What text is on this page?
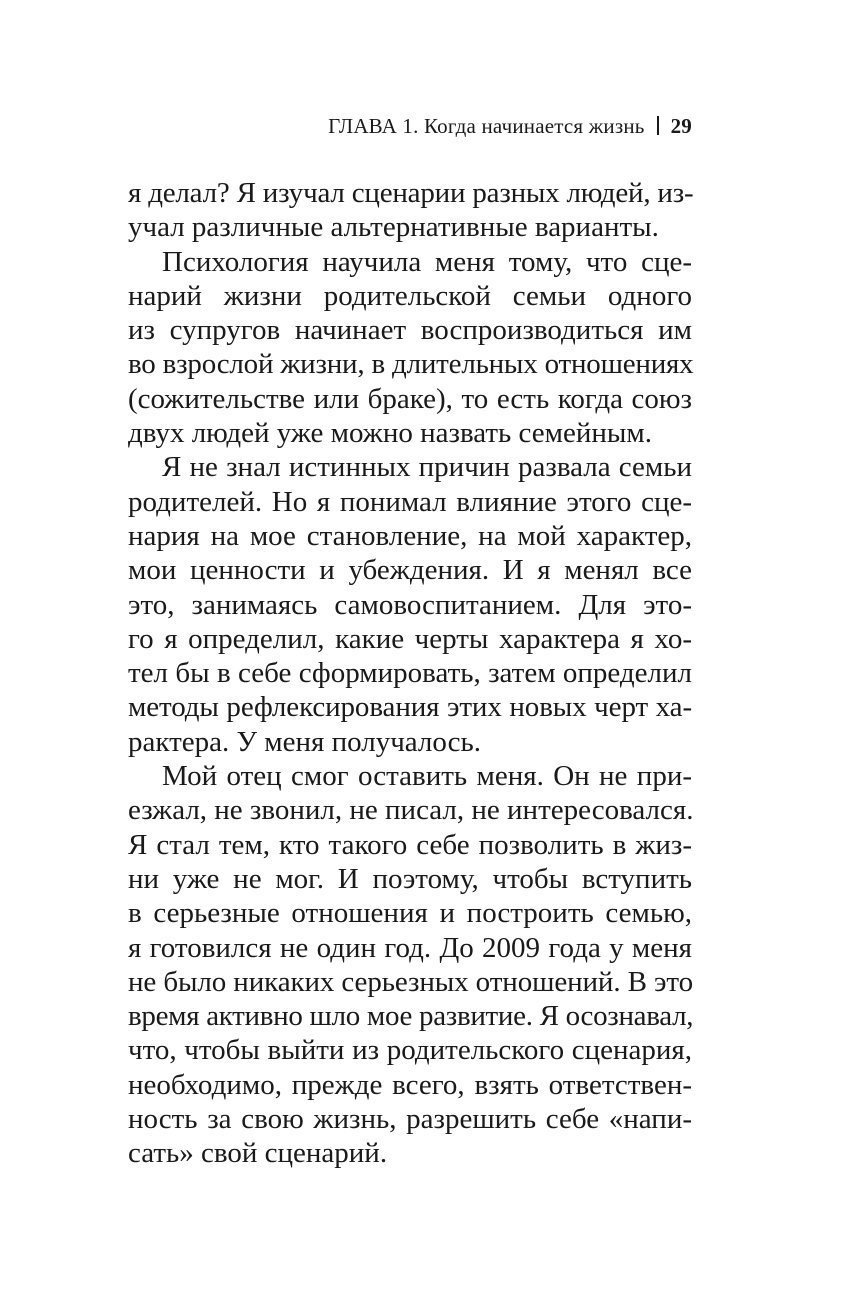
ГЛАВА 1. Когда начинается жизнь 29
я делал? Я изучал сценарии разных людей, из-
учал различные альтернативные варианты.
Психология научила меня тому, что сце-
нарий жизни родительской семьи одного
из супругов начинает воспроизводиться им
во взрослой жизни, в длительных отношениях
(сожительстве или браке), то есть когда союз
двух людей уже можно назвать семейным.
Я не знал истинных причин развала семьи
родителей. Но я понимал влияние этого сце-
нария на мое становление, на мой характер,
мои ценности и убеждения. И я менял все
это, занимаясь самовоспитанием. Для это-
го я определил, какие черты характера я хо-
тел бы в себе сформировать, затем определил
методы рефлексирования этих новых черт ха-
рактера. У меня получалось.
Мой отец смог оставить меня. Он не при-
езжал, не звонил, не писал, не интересовался.
Я стал тем, кто такого себе позволить в жиз-
ни уже не мог. И поэтому, чтобы вступить
в серьезные отношения и построить семью,
я готовился не один год. До 2009 года у меня
не было никаких серьезных отношений. В это
время активно шло мое развитие. Я осознавал,
что, чтобы выйти из родительского сценария,
необходимо, прежде всего, взять ответствен-
ность за свою жизнь, разрешить себе «напи-
сать» свой сценарий.
